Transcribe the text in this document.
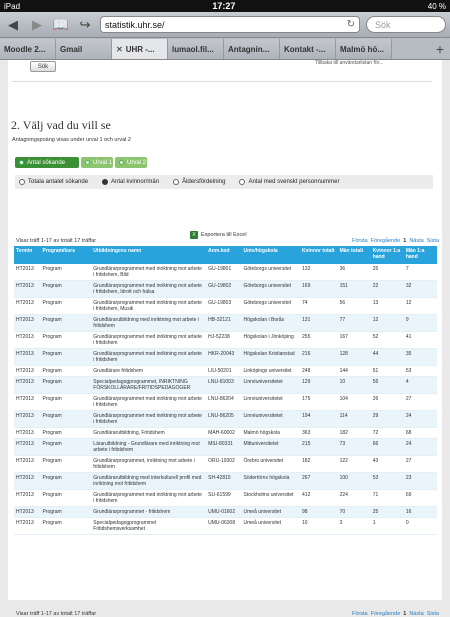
iPad	17:27	40 %
◀	▶ 📖 ↪	statistik.uhr.se/	↻	Sök
Moodle 2... Gmail	✕ UHR -... lumaol.fil... Antagnin... Kontakt -... Malmö hö...	+
Sök
Tillbaka till användarlistan för...
2. Välj vad du vill se
Antagningspoäng visas under urval 1 och urval 2
Antal sökande	Urval 1 Urval 2
Totala antalet sökande	Antal kvinnor/män	Åldersfördelning	Antal med svenskt personnummer
X Exportera till Excel
Visar träff 1-17 av totalt 17 träffar	Första Föregående 1 Nästa Sista
Termin	Program/kurs	Utbildningens namn	Anm.kod	Univ/högskola	Kvinnor totalt	Män totalt	Kvinnor 1:a hand	Män 1:a hand
HT2013	Program	Grundlärarprogrammet med inriktning mot arbete i fritidshem, Bild	GU-19801	Göteborgs universitet	132	36	25	7
HT2013	Program	Grundlärarprogrammet med inriktning mot arbete i fritidshem, Idrott och hälsa	GU-19802	Göteborgs universitet	169	151	22	32
HT2013	Program	Grundlärarprogrammet med inriktning mot arbete i fritidshem, Musik	GU-19803	Göteborgs universitet	74	56	13	12
HT2013	Program	Grundlärarutbildning med inriktning mot arbete i fritidshem	HB-32121	Högskolan i Borås	131	77	12	9
HT2013	Program	Grundlärarprogrammet med inriktning mot arbete i fritidshem	HJ-52238	Högskolan i Jönköping	255	167	52	41
HT2013	Program	Grundlärarprogrammet med inriktning mot arbete i fritidshem	HKR-20043	Högskolan Kristianstad	216	128	44	35
HT2013	Program	Grundlärare fritidshem	LIU-50201	Linköpings universitet	248	144	51	53
HT2013	Program	Specialpedagogprogrammet, INRIKTNING FÖRSKOLLÄRARE/FRITIDSPEDAGOGER	LNU-81003	Linnéuniversitetet	129	10	56	4
HT2013	Program	Grundlärarprogrammet med inriktning mot arbete i fritidshem	LNU-86204	Linnéuniversitetet	175	104	26	27
HT2013	Program	Grundlärarprogrammet med inriktning mot arbete i fritidshem	LNU-86205	Linnéuniversitetet	194	114	29	24
HT2013	Program	Grundlärarutbildning, Fritidshem	MAH-60002	Malmö högskola	363	182	72	68
HT2013	Program	Lärarutbildning - Grundlärare med inriktning mot arbete i fritidshem	MIU-80331	Mittuniversitetet	215	73	66	24
HT2013	Program	Grundlärarprogrammet, inriktning mot arbete i fritidshem	ORU-19302	Örebro universitet	182	122	43	27
HT2013	Program	Grundlärarutbildning med interkulturell profil med inriktning mot fritidshem	SH-42815	Södertörns högskola	267	100	53	23
HT2013	Program	Grundlärarprogrammet med inriktning mot arbete i fritidshem	SU-61599	Stockholms universitet	412	224	71	69
HT2013	Program	Grundlärarprogrammet - fritidshem	UMU-01602	Umeå universitet	98	70	25	16
HT2013	Program	Specialpedagogprogrammet Fritidshemsverksamhet	UMU-06308	Umeå universitet	10	3	1	0
Visar träff 1-17 av totalt 17 träffar	Första Föregående 1 Nästa Sista
